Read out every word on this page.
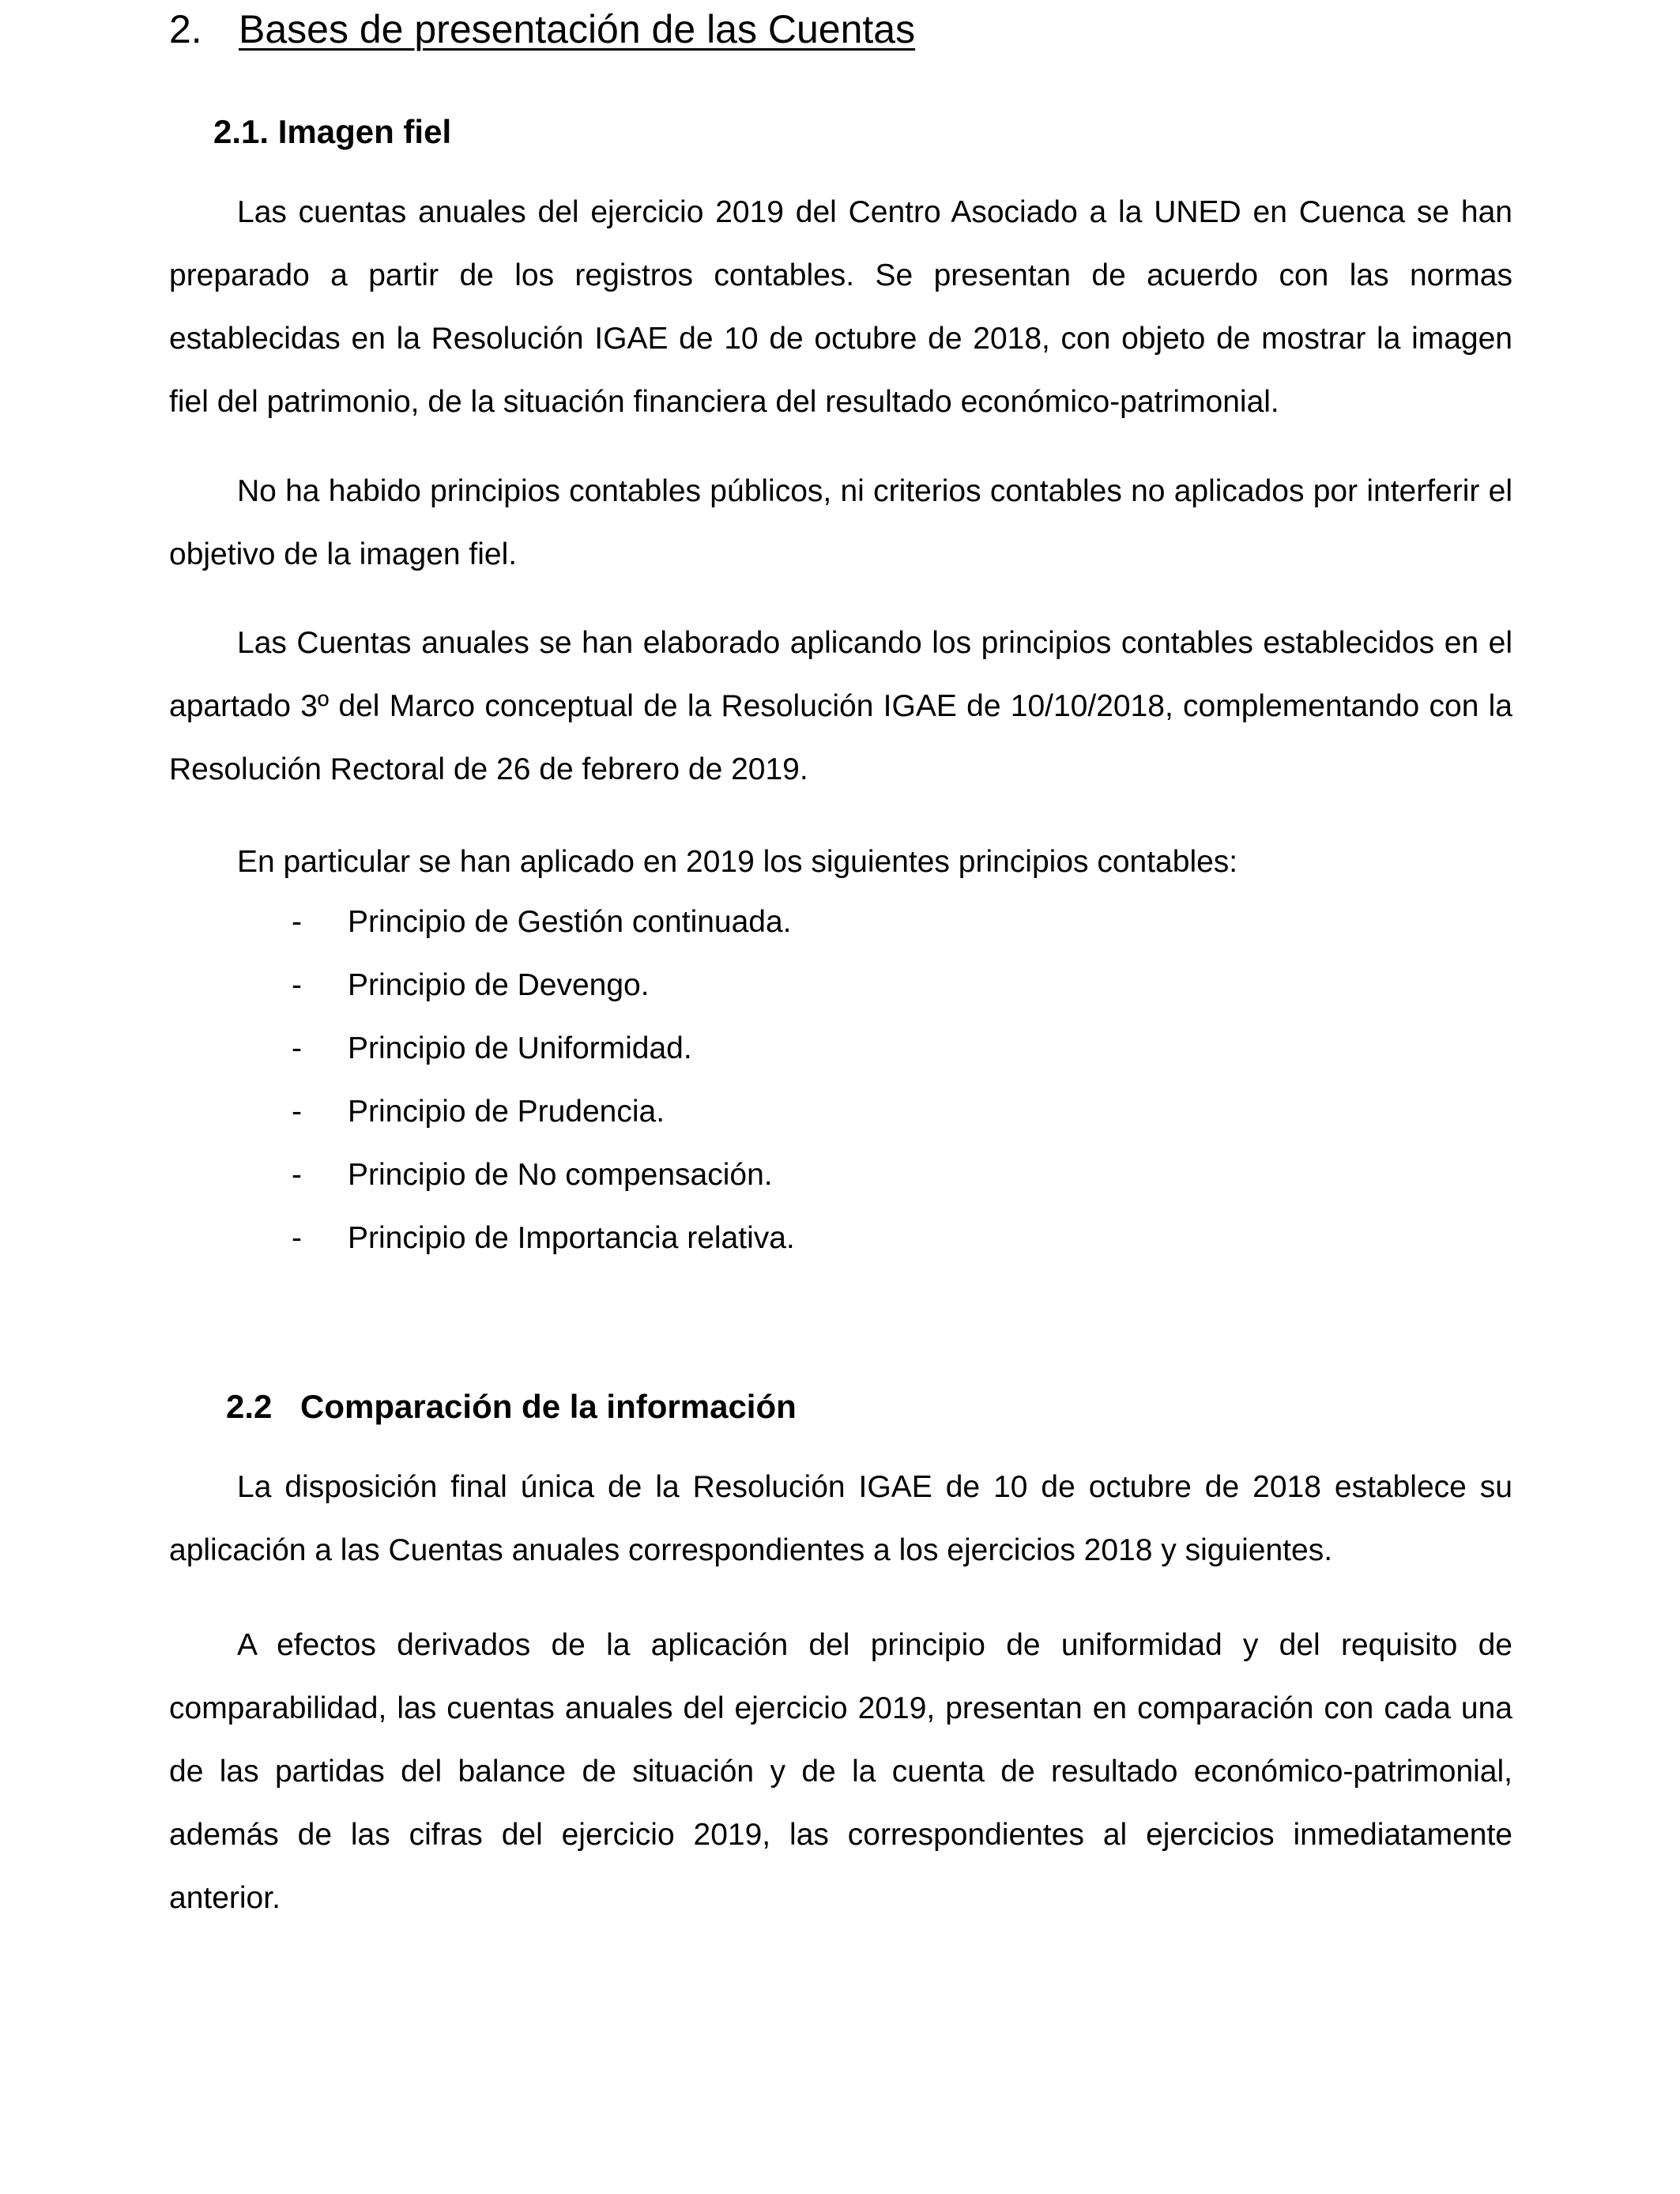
2. Bases de presentación de las Cuentas
2.1. Imagen fiel

Las cuentas anuales del ejercicio 2019 del Centro Asociado a la UNED en Cuenca se han preparado a partir de los registros contables. Se presentan de acuerdo con las normas establecidas en la Resolución IGAE de 10 de octubre de 2018, con objeto de mostrar la imagen fiel del patrimonio, de la situación financiera del resultado económico-patrimonial.

No ha habido principios contables públicos, ni criterios contables no aplicados por interferir el objetivo de la imagen fiel.

Las Cuentas anuales se han elaborado aplicando los principios contables establecidos en el apartado 3º del Marco conceptual de la Resolución IGAE de 10/10/2018, complementando con la Resolución Rectoral de 26 de febrero de 2019.

En particular se han aplicado en 2019 los siguientes principios contables:

- Principio de Gestión continuada.
- Principio de Devengo.
- Principio de Uniformidad.
- Principio de Prudencia.
- Principio de No compensación.
- Principio de Importancia relativa.
2.2 Comparación de la información

La disposición final única de la Resolución IGAE de 10 de octubre de 2018 establece su aplicación a las Cuentas anuales correspondientes a los ejercicios 2018 y siguientes.

A efectos derivados de la aplicación del principio de uniformidad y del requisito de comparabilidad, las cuentas anuales del ejercicio 2019, presentan en comparación con cada una de las partidas del balance de situación y de la cuenta de resultado económico-patrimonial, además de las cifras del ejercicio 2019, las correspondientes al ejercicios inmediatamente anterior.
